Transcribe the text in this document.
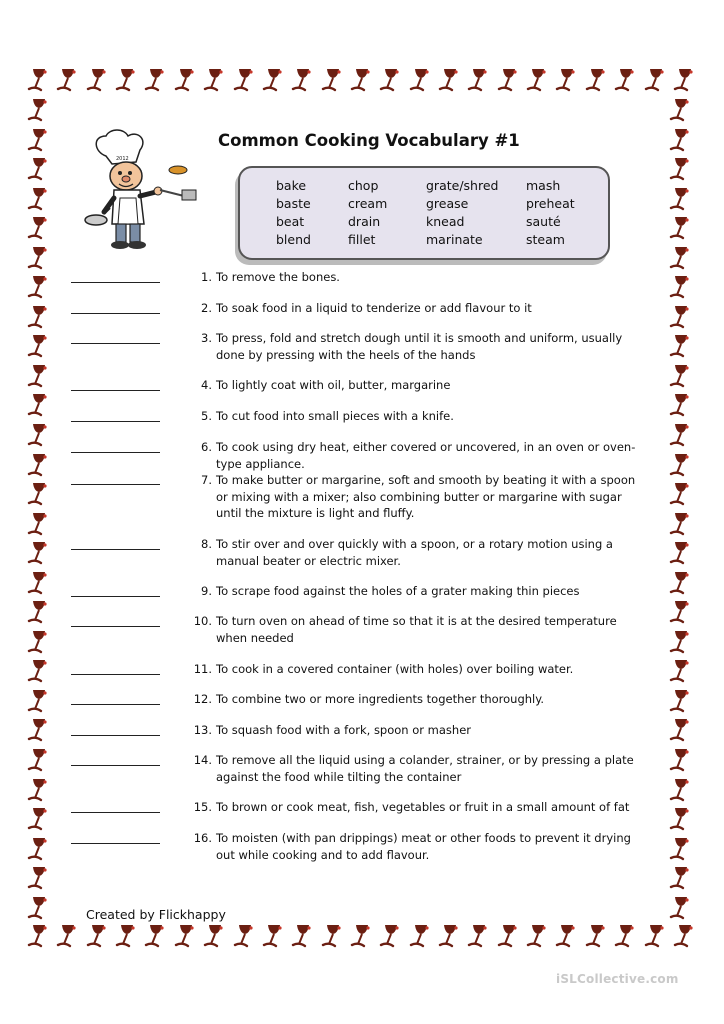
2012
Common Cooking Vocabulary #1
bake	chop	grate/shred	mash
baste	cream	grease	preheat
beat	drain	knead	sauté
blend	fillet	marinate	steam
1. To remove the bones.
2. To soak food in a liquid to tenderize or add flavour to it
3. To press, fold and stretch dough until it is smooth and uniform, usually done by pressing with the heels of the hands
4. To lightly coat with oil, butter, margarine
5. To cut food into small pieces with a knife.
6. To cook using dry heat, either covered or uncovered, in an oven or oven-type appliance.
7. To make butter or margarine, soft and smooth by beating it with a spoon or mixing with a mixer; also combining butter or margarine with sugar until the mixture is light and fluffy.
8. To stir over and over quickly with a spoon, or a rotary motion using a manual beater or electric mixer.
9. To scrape food against the holes of a grater making thin pieces
10. To turn oven on ahead of time so that it is at the desired temperature when needed
11. To cook in a covered container (with holes) over boiling water.
12. To combine two or more ingredients together thoroughly.
13. To squash food with a fork, spoon or masher
14. To remove all the liquid using a colander, strainer, or by pressing a plate against the food while tilting the container
15. To brown or cook meat, fish, vegetables or fruit in a small amount of fat
16. To moisten (with pan drippings) meat or other foods to prevent it drying out while cooking and to add flavour.
Created by Flickhappy
iSLCollective.com
